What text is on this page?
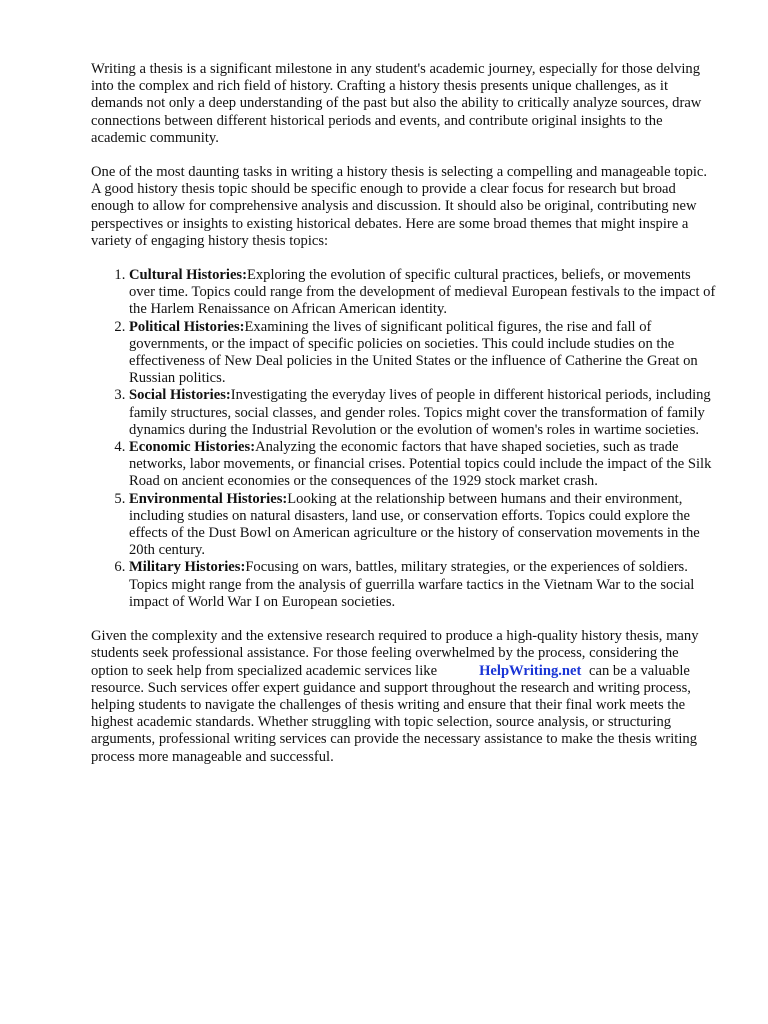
Writing a thesis is a significant milestone in any student's academic journey, especially for those delving into the complex and rich field of history. Crafting a history thesis presents unique challenges, as it demands not only a deep understanding of the past but also the ability to critically analyze sources, draw connections between different historical periods and events, and contribute original insights to the academic community.

One of the most daunting tasks in writing a history thesis is selecting a compelling and manageable topic. A good history thesis topic should be specific enough to provide a clear focus for research but broad enough to allow for comprehensive analysis and discussion. It should also be original, contributing new perspectives or insights to existing historical debates. Here are some broad themes that might inspire a variety of engaging history thesis topics:

1. Cultural Histories:Exploring the evolution of specific cultural practices, beliefs, or movements over time. Topics could range from the development of medieval European festivals to the impact of the Harlem Renaissance on African American identity.
2. Political Histories:Examining the lives of significant political figures, the rise and fall of governments, or the impact of specific policies on societies. This could include studies on the effectiveness of New Deal policies in the United States or the influence of Catherine the Great on Russian politics.
3. Social Histories:Investigating the everyday lives of people in different historical periods, including family structures, social classes, and gender roles. Topics might cover the transformation of family dynamics during the Industrial Revolution or the evolution of women's roles in wartime societies.
4. Economic Histories:Analyzing the economic factors that have shaped societies, such as trade networks, labor movements, or financial crises. Potential topics could include the impact of the Silk Road on ancient economies or the consequences of the 1929 stock market crash.
5. Environmental Histories:Looking at the relationship between humans and their environment, including studies on natural disasters, land use, or conservation efforts. Topics could explore the effects of the Dust Bowl on American agriculture or the history of conservation movements in the 20th century.
6. Military Histories:Focusing on wars, battles, military strategies, or the experiences of soldiers. Topics might range from the analysis of guerrilla warfare tactics in the Vietnam War to the social impact of World War I on European societies.

Given the complexity and the extensive research required to produce a high-quality history thesis, many students seek professional assistance. For those feeling overwhelmed by the process, considering the option to seek help from specialized academic services like	HelpWriting.net can be a valuable resource. Such services offer expert guidance and support throughout the research and writing process, helping students to navigate the challenges of thesis writing and ensure that their final work meets the highest academic standards. Whether struggling with topic selection, source analysis, or structuring arguments, professional writing services can provide the necessary assistance to make the thesis writing process more manageable and successful.
